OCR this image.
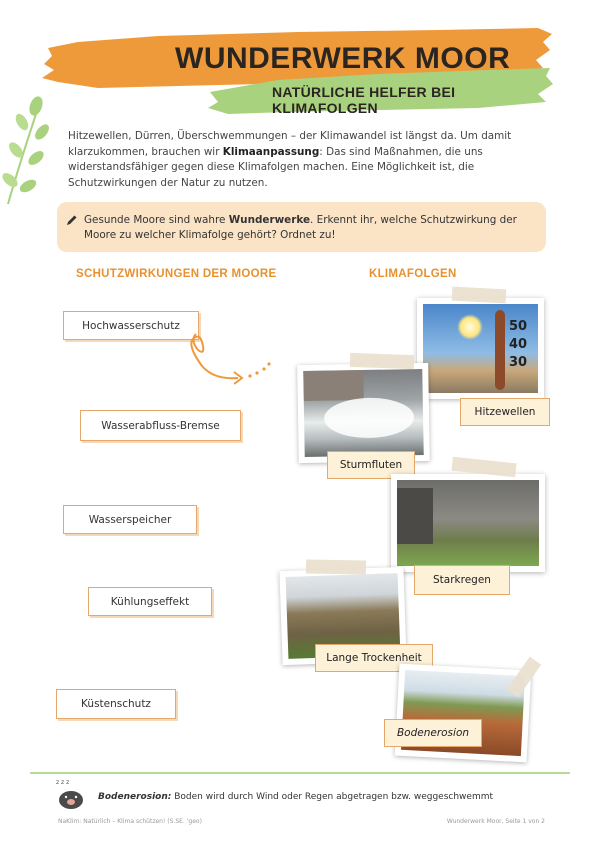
WUNDERWERK MOOR
NATÜRLICHE HELFER BEI KLIMAFOLGEN
Hitzewellen, Dürren, Überschwemmungen – der Klimawandel ist längst da. Um damit klarzukommen, brauchen wir Klimaanpassung: Das sind Maßnahmen, die uns widerstandsfähiger gegen diese Klimafolgen machen. Eine Möglichkeit ist, die Schutzwirkungen der Natur zu nutzen.
Gesunde Moore sind wahre Wunderwerke. Erkennt ihr, welche Schutzwirkung der Moore zu welcher Klimafolge gehört? Ordnet zu!
SCHUTZWIRKUNGEN DER MOORE	KLIMAFOLGEN
Hochwasserschutz
Wasserabfluss-Bremse
Wasserspeicher
Kühlungseffekt
Küstenschutz
50
40
30
Hitzewellen
Sturmfluten
Starkregen
Lange Trockenheit
Bodenerosion
z z z
Bodenerosion: Boden wird durch Wind oder Regen abgetragen bzw. weggeschwemmt
NaKlim: Natürlich – Klima schützen! (S.SE. 'geo)	Wunderwerk Moor, Seite 1 von 2
